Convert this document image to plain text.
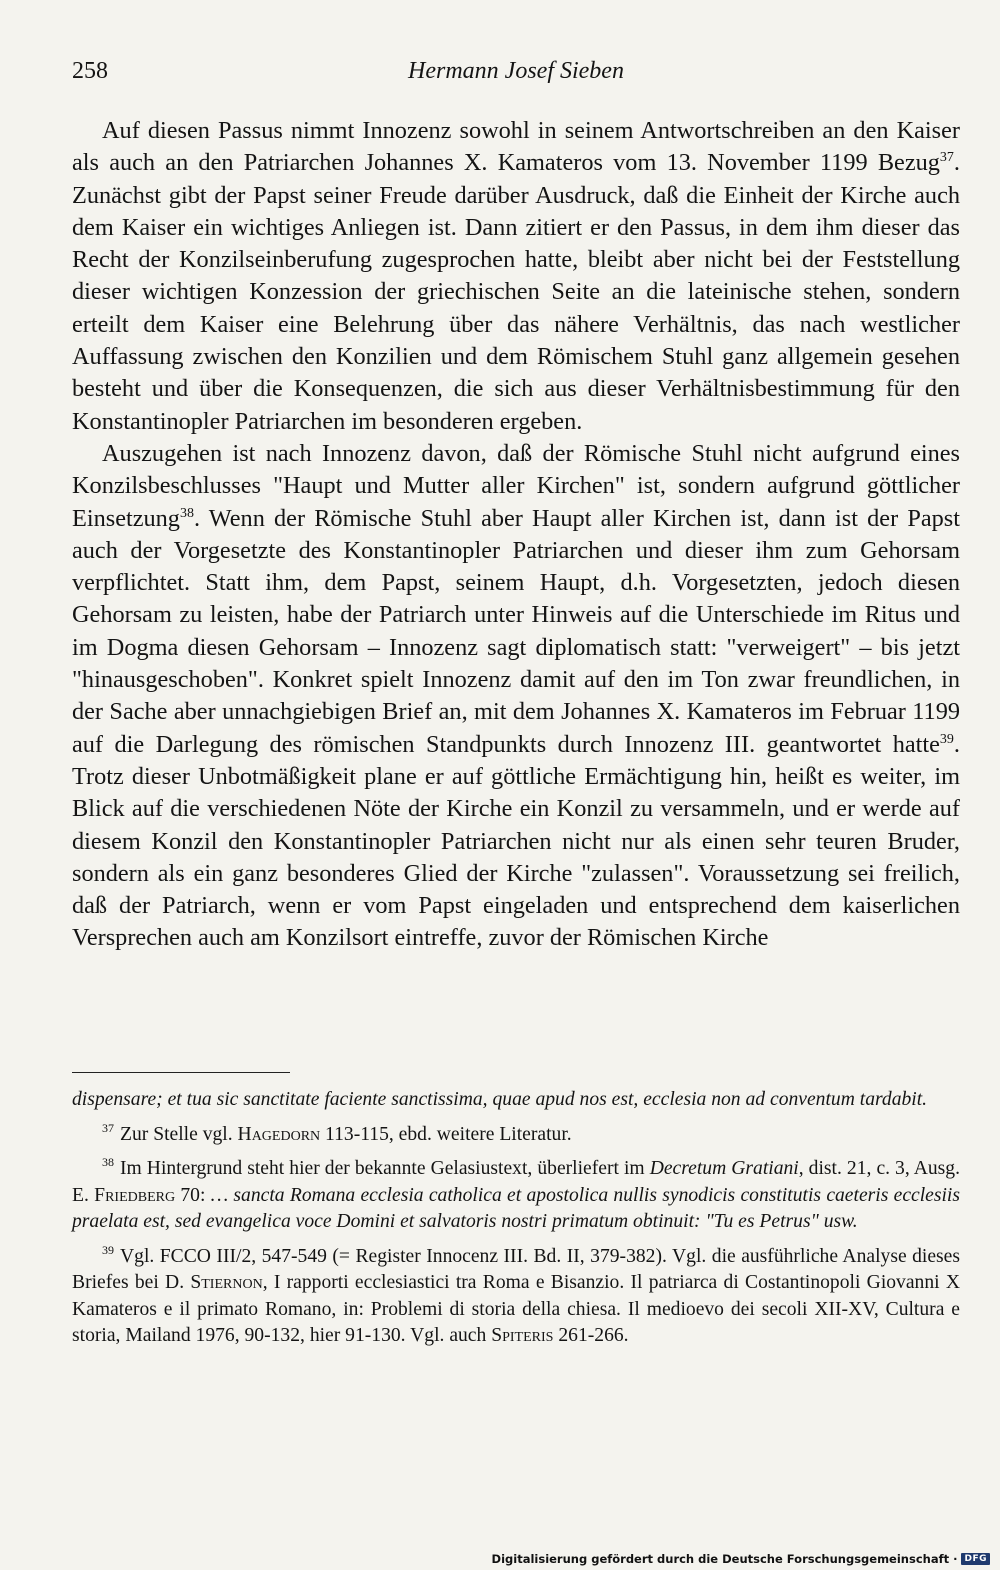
258	Hermann Josef Sieben

Auf diesen Passus nimmt Innozenz sowohl in seinem Antwortschreiben an den Kaiser als auch an den Patriarchen Johannes X. Kamateros vom 13. November 1199 Bezug$^{37}$. Zunächst gibt der Papst seiner Freude darüber Ausdruck, daß die Einheit der Kirche auch dem Kaiser ein wichtiges Anliegen ist. Dann zitiert er den Passus, in dem ihm dieser das Recht der Konzilseinberufung zugesprochen hatte, bleibt aber nicht bei der Feststellung dieser wichtigen Konzession der griechischen Seite an die lateinische stehen, sondern erteilt dem Kaiser eine Belehrung über das nähere Verhältnis, das nach westlicher Auffassung zwischen den Konzilien und dem Römischem Stuhl ganz allgemein gesehen besteht und über die Konsequenzen, die sich aus dieser Verhältnisbestimmung für den Konstantinopler Patriarchen im besonderen ergeben.

Auszugehen ist nach Innozenz davon, daß der Römische Stuhl nicht aufgrund eines Konzilsbeschlusses "Haupt und Mutter aller Kirchen" ist, sondern aufgrund göttlicher Einsetzung$^{38}$. Wenn der Römische Stuhl aber Haupt aller Kirchen ist, dann ist der Papst auch der Vorgesetzte des Konstantinopler Patriarchen und dieser ihm zum Gehorsam verpflichtet. Statt ihm, dem Papst, seinem Haupt, d.h. Vorgesetzten, jedoch diesen Gehorsam zu leisten, habe der Patriarch unter Hinweis auf die Unterschiede im Ritus und im Dogma diesen Gehorsam – Innozenz sagt diplomatisch statt: "verweigert" – bis jetzt "hinausgeschoben". Konkret spielt Innozenz damit auf den im Ton zwar freundlichen, in der Sache aber unnachgiebigen Brief an, mit dem Johannes X. Kamateros im Februar 1199 auf die Darlegung des römischen Standpunkts durch Innozenz III. geantwortet hatte$^{39}$. Trotz dieser Unbotmäßigkeit plane er auf göttliche Ermächtigung hin, heißt es weiter, im Blick auf die verschiedenen Nöte der Kirche ein Konzil zu versammeln, und er werde auf diesem Konzil den Konstantinopler Patriarchen nicht nur als einen sehr teuren Bruder, sondern als ein ganz besonderes Glied der Kirche "zulassen". Voraussetzung sei freilich, daß der Patriarch, wenn er vom Papst eingeladen und entsprechend dem kaiserlichen Versprechen auch am Konzilsort eintreffe, zuvor der Römischen Kirche

dispensare; et tua sic sanctitate faciente sanctissima, quae apud nos est, ecclesia non ad conventum tardabit.

$^{37}$ Zur Stelle vgl. Hagedorn 113-115, ebd. weitere Literatur.

$^{38}$ Im Hintergrund steht hier der bekannte Gelasiustext, überliefert im Decretum Gratiani, dist. 21, c. 3, Ausg. E. Friedberg 70: … sancta Romana ecclesia catholica et apostolica nullis synodicis constitutis caeteris ecclesiis praelata est, sed evangelica voce Domini et salvatoris nostri primatum obtinuit: "Tu es Petrus" usw.

$^{39}$ Vgl. FCCO III/2, 547-549 (= Register Innocenz III. Bd. II, 379-382). Vgl. die ausführliche Analyse dieses Briefes bei D. Stiernon, I rapporti ecclesiastici tra Roma e Bisanzio. Il patriarca di Costantinopoli Giovanni X Kamateros e il primato Romano, in: Problemi di storia della chiesa. Il medioevo dei secoli XII-XV, Cultura e storia, Mailand 1976, 90-132, hier 91-130. Vgl. auch Spiteris 261-266.

Digitalisierung gefördert durch die Deutsche Forschungsgemeinschaft · DFG
